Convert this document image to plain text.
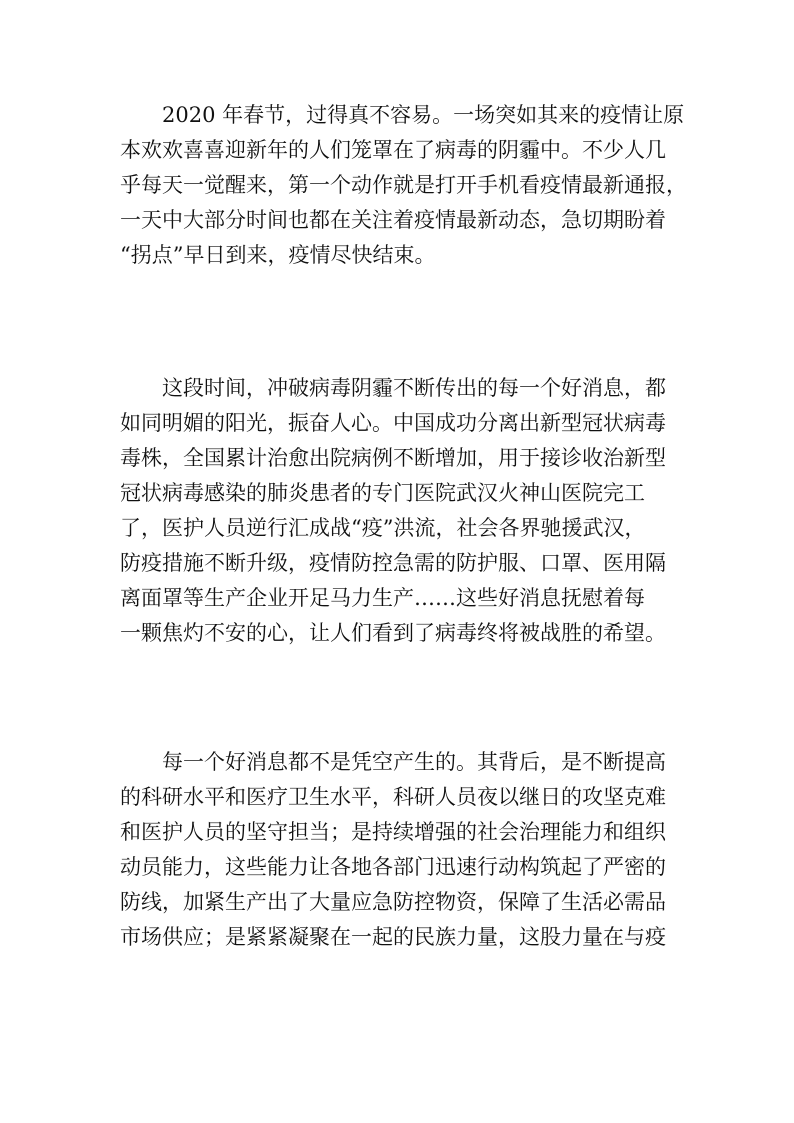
2020 年春节，过得真不容易。一场突如其来的疫情让原
本欢欢喜喜迎新年的人们笼罩在了病毒的阴霾中。不少人几
乎每天一觉醒来，第一个动作就是打开手机看疫情最新通报，
一天中大部分时间也都在关注着疫情最新动态，急切期盼着
“拐点”早日到来，疫情尽快结束。

这段时间，冲破病毒阴霾不断传出的每一个好消息，都
如同明媚的阳光，振奋人心。中国成功分离出新型冠状病毒
毒株，全国累计治愈出院病例不断增加，用于接诊收治新型
冠状病毒感染的肺炎患者的专门医院武汉火神山医院完工
了，医护人员逆行汇成战“疫”洪流，社会各界驰援武汉，
防疫措施不断升级，疫情防控急需的防护服、口罩、医用隔
离面罩等生产企业开足马力生产……这些好消息抚慰着每
一颗焦灼不安的心，让人们看到了病毒终将被战胜的希望。

每一个好消息都不是凭空产生的。其背后，是不断提高
的科研水平和医疗卫生水平，科研人员夜以继日的攻坚克难
和医护人员的坚守担当；是持续增强的社会治理能力和组织
动员能力，这些能力让各地各部门迅速行动构筑起了严密的
防线，加紧生产出了大量应急防控物资，保障了生活必需品
市场供应；是紧紧凝聚在一起的民族力量，这股力量在与疫
